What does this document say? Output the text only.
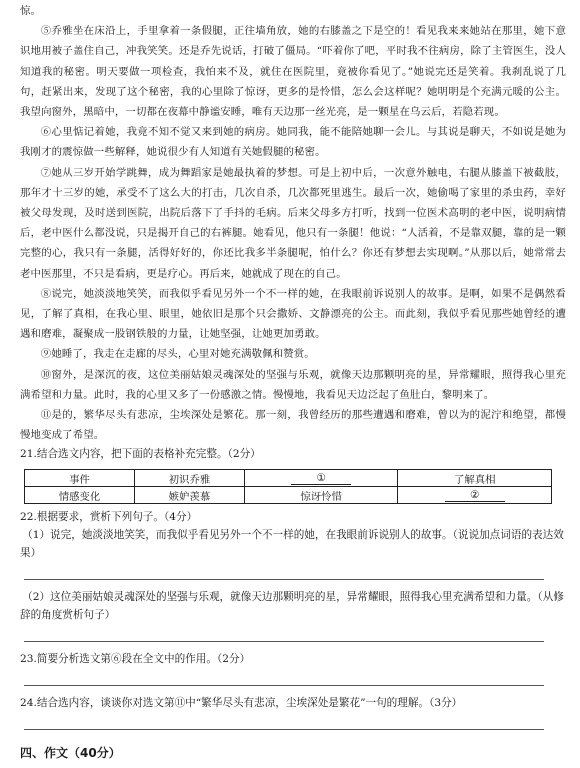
惊。

⑤乔雅坐在床沿上，手里拿着一条假腿，正往墙角放，她的右膝盖之下是空的！看见我来来她站在那里，她下意识地用被子盖住自己，冲我笑笑。还是乔先说话，打破了僵局。“吓着你了吧，平时我不往病房，除了主管医生，没人知道我的秘密。明天要做一项检查，我怕来不及，就住在医院里，竟被你看见了。”她说完还是笑着。我刹乱说了几句，赶紧出来，发现了这个秘密，我的心里除了惊讶，更多的是怜惜，怎么会这样呢？她明明是个充满元暖的公主。我望向窗外，黑暗中，一切都在夜幕中静谧安睡，唯有天边那一丝光亮，是一颗星在乌云后，若隐若现。

⑥心里惦记着她，我竟不知不觉又来到她的病房。她同我，能不能陪她聊一会儿。与其说是聊天，不如说是她为我刚才的震惊做一些解释，她说很少有人知道有关她假腿的秘密。

⑦她从三岁开始学跳舞，成为舞蹈家是她最执着的梦想。可是上初中后，一次意外触电，右腿从膝盖下被截肢，那年才十三岁的她，承受不了这么大的打击，几次自杀，几次都死里逃生。最后一次，她偷喝了家里的杀虫药，幸好被父母发现，及时送到医院，出院后落下了手抖的毛病。后来父母多方打听，找到一位医术高明的老中医，说明病情后，老中医什么都没说，只是揭开自己的右裤腿。她看见，他只有一条腿！他说：“人活着，不是靠双腿，靠的是一颗完整的心，我只有一条腿，活得好好的，你还比我多半条腿呢，怕什么？你还有梦想去实现啊。”从那以后，她常常去老中医那里，不只是看病，更是疗心。再后来，她就成了现在的自己。

⑧说完，她淡淡地笑笑，而我似乎看见另外一个不一样的她，在我眼前诉说别人的故事。是啊，如果不是偶然看见，了解了真相，在我心里、眼里，她依旧是那个只会撒娇、文静漂亮的公主。而此刻，我似乎看见那些她曾经的遭遇和磨难，凝聚成一股钢铁般的力量，让她坚强，让她更加勇敢。

⑨她睡了，我走在走廊的尽头，心里对她充满敬佩和赞赏。

⑩窗外，是深沉的夜，这位美丽姑娘灵魂深处的坚强与乐观，就像天边那颗明亮的星，异常耀眼，照得我心里充满希望和力量。此时，我的心里又多了一份感激之情。慢慢地，我看见天边泛起了鱼肚白，黎明来了。

⑪是的，繁华尽头有悲凉，尘埃深处是繁花。那一刻，我曾经历的那些遭遇和磨难，曾以为的泥泞和绝望，都慢慢地变成了希望。

21.结合选文内容，把下面的表格补充完整。（2分）

事件	初识乔雅	①	了解真相
情感变化	嫉妒羡慕	惊讶怜惜	②

22.根据要求，赏析下列句子。（4分）

（1）说完，她淡淡地笑笑，而我似乎看见另外一个不一样的她，在我眼前诉说别人的故事。（说说加点词语的表达效果）

（2）这位美丽姑娘灵魂深处的坚强与乐观，就像天边那颗明亮的星，异常耀眼，照得我心里充满希望和力量。（从修辞的角度赏析句子）

23.简要分析选文第⑥段在全文中的作用。（2分）

24.结合选内容，谈谈你对选文第⑪中“繁华尽头有悲凉，尘埃深处是繁花”一句的理解。（3分）

四、作文（40分）
